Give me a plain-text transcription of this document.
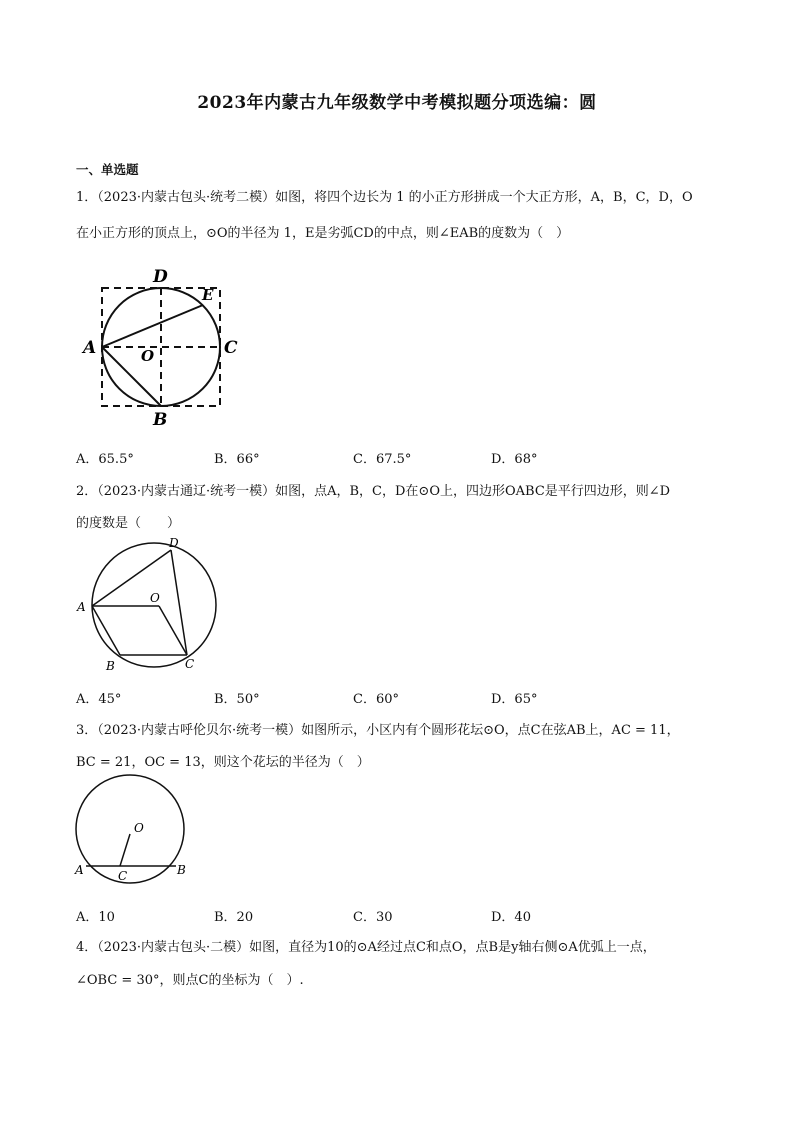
2023年内蒙古九年级数学中考模拟题分项选编：圆
一、单选题
1．（2023·内蒙古包头·统考二模）如图，将四个边长为 1 的小正方形拼成一个大正方形，A，B，C，D，O
在小正方形的顶点上，⊙O的半径为 1，E是劣弧CD的中点，则∠EAB的度数为（　）
D
E
A	O	C
B
A．65.5°	B．66°	C．67.5°	D．68°
2．（2023·内蒙古通辽·统考一模）如图，点A，B，C，D在⊙O上，四边形OABC是平行四边形，则∠D
的度数是（　　）
D
A
O
B	C
A．45°	B．50°	C．60°	D．65°
3．（2023·内蒙古呼伦贝尔·统考一模）如图所示，小区内有个圆形花坛⊙O，点C在弦AB上，AC = 11，
BC = 21，OC = 13，则这个花坛的半径为（　）
O
A	C	B
A．10	B．20	C．30	D．40
4．（2023·内蒙古包头·二模）如图，直径为10的⊙A经过点C和点O，点B是y轴右侧⊙A优弧上一点，
∠OBC = 30°，则点C的坐标为（　）.
